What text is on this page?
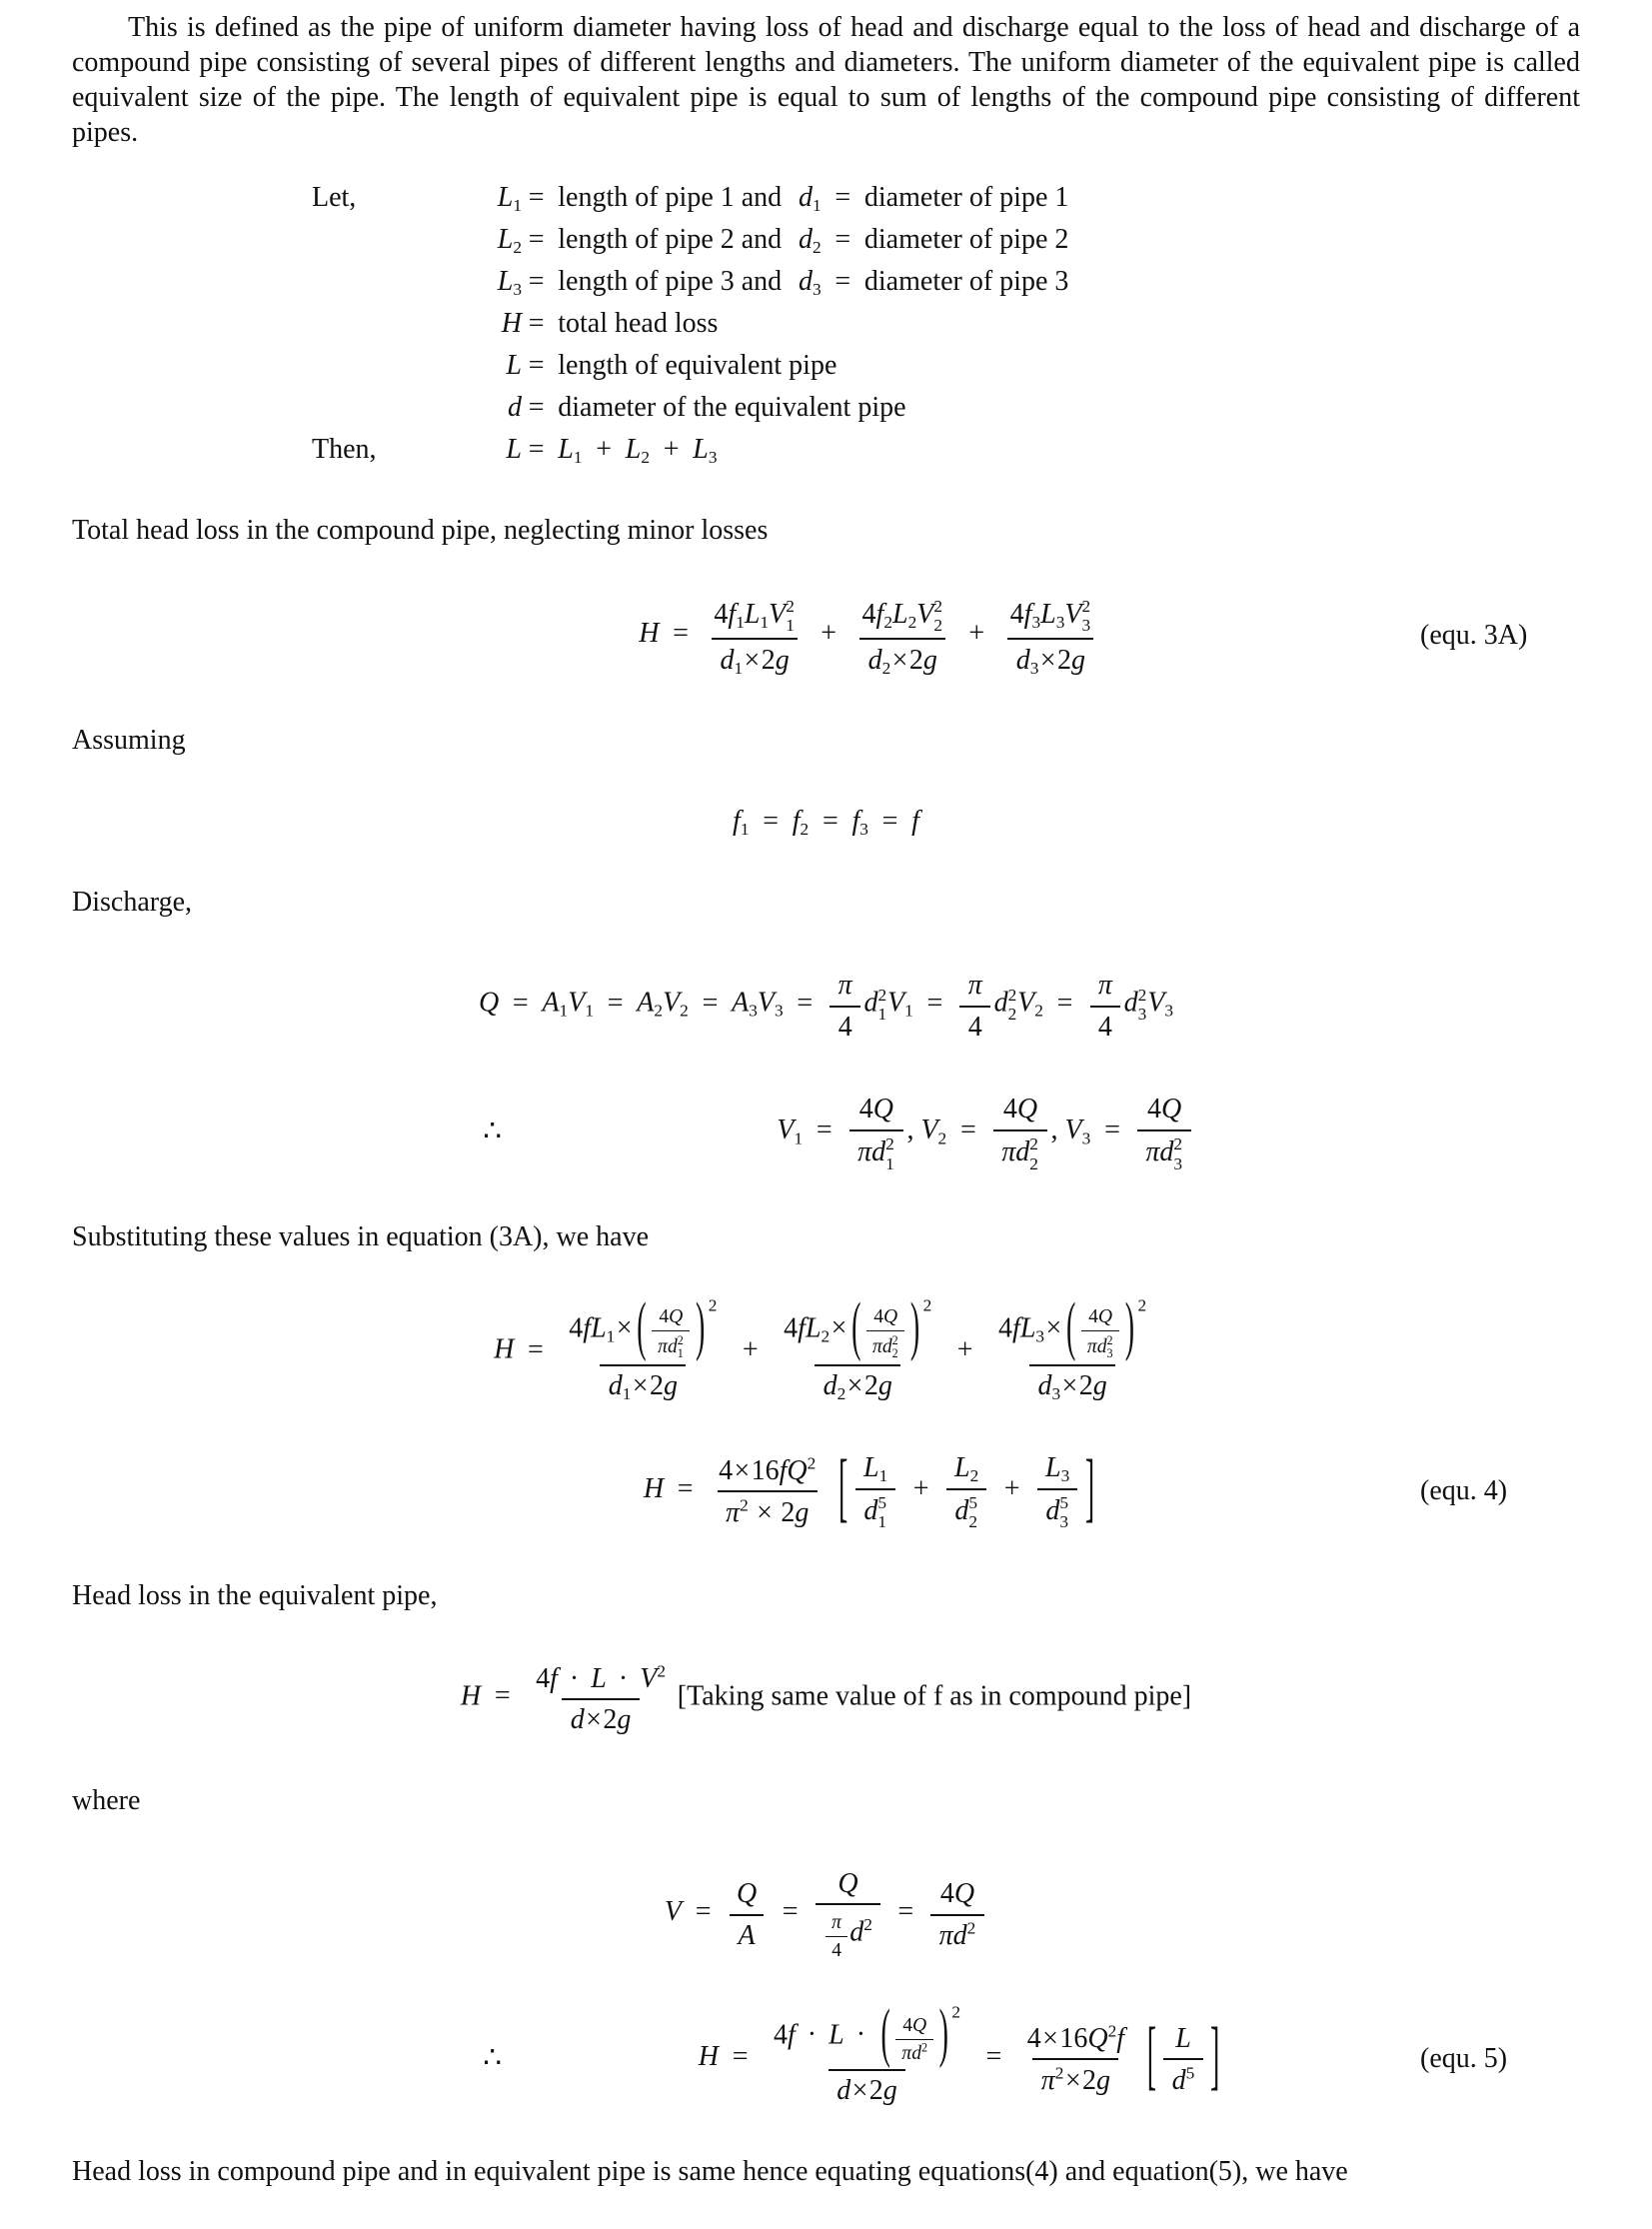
This is defined as the pipe of uniform diameter having loss of head and discharge equal to the loss of head and discharge of a compound pipe consisting of several pipes of different lengths and diameters. The uniform diameter of the equivalent pipe is called equivalent size of the pipe. The length of equivalent pipe is equal to sum of lengths of the compound pipe consisting of different pipes.

Let,	$L_1$ = length of pipe 1 and $d_1$ = diameter of pipe 1
$L_2$ = length of pipe 2 and $d_2$ = diameter of pipe 2
$L_3$ = length of pipe 3 and $d_3$ = diameter of pipe 3
H = total head loss
L = length of equivalent pipe
d = diameter of the equivalent pipe
Then,	$L = L_1 + L_2 + L_3$

Total head loss in the compound pipe, neglecting minor losses

$H = 4f_1L_1V$ 2
1
$d_1\times 2g + 4f_2L_2V$ 2
2
$d_2\times 2g + 4f_3L_3V$ 2
3
$d_3\times 2g$	(equ. 3A)

Assuming

$f_1 = f_2 = f_3 = f$

Discharge,

$Q = A_1V_1 = A_2V_2 = A_3V_3 = \frac{\pi}{4}$ d 2
1 $V_1 = \frac{\pi}{4}$ d 2
2 $V_2 = \frac{\pi}{4}$ d 2
3 $V_3$
∴	$V_1 = 4Q$
πd 2
1 , $V_2 = 4Q$
πd 2
2 , $V_3 = 4Q$
πd 2
3

Substituting these values in equation (3A), we have

$H = 4fL_1\times$ ( 4Q
πd 2
1 ) $^2$
$d_1\times 2g + 4fL_2\times$ ( 4Q
πd 2
2 ) $^2$
$d_2\times 2g + 4fL_3\times$ ( 4Q
πd 2
3 ) $^2$
$d_3\times 2g$
$H = \frac{4\times 16fQ^2}{\pi^2 \times 2g}$ [ $L_1$
d 5
$1 + L_2$
d 5
$2 + L_3$
d 5
3 ]	(equ. 4)

Head loss in the equivalent pipe,

$H = \frac{4f \cdot L \cdot V^2}{d\times 2g}$ [Taking same value of f as in compound pipe]

where

$V = \frac{Q}{A} = \frac{Q}{\frac{\pi}{4} d^2} = \frac{4Q}{\pi d^2}$
∴	$H = \frac{4f \cdot L \cdot ( \frac{4Q}{\pi d^2} ) ^2}{d\times 2g} = \frac{4\times 16Q^2f}{\pi^2\times 2g}$ [ $\frac{L}{d^5}$ ]	(equ. 5)

Head loss in compound pipe and in equivalent pipe is same hence equating equations(4) and equation(5), we have
